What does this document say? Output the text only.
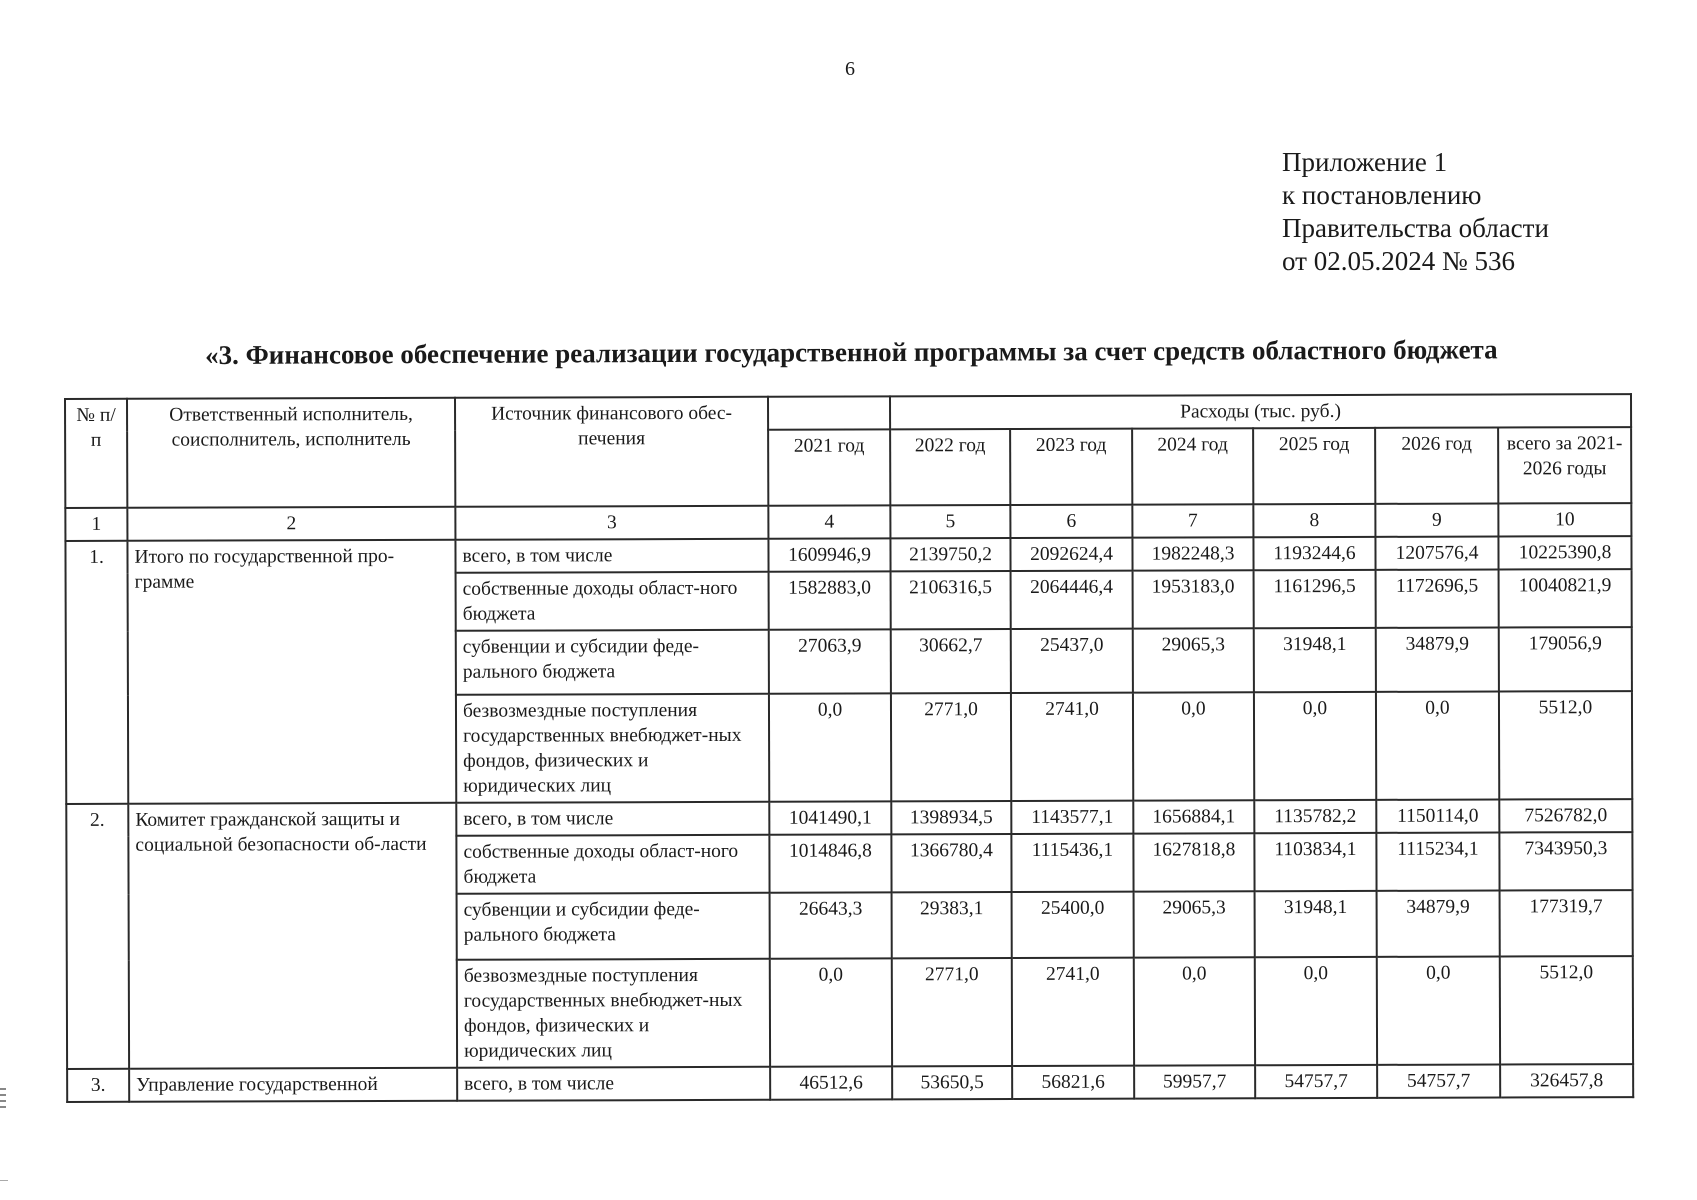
6
Приложение 1
к постановлению
Правительства области
от 02.05.2024 № 536
«3. Финансовое обеспечение реализации государственной программы за счет средств областного бюджета
№ п/п	Ответственный исполнитель, соисполнитель, исполнитель	Источник финансового обес-печения		Расходы (тыс. руб.)					
			2021 год	2022 год	2023 год	2024 год	2025 год	2026 год	всего за 2021-2026 годы
1	2	3	4	5	6	7	8	9	10
1.	Итого по государственной про-грамме	всего, в том числе	1609946,9	2139750,2	2092624,4	1982248,3	1193244,6	1207576,4	10225390,8
		собственные доходы област-ного бюджета	1582883,0	2106316,5	2064446,4	1953183,0	1161296,5	1172696,5	10040821,9
		субвенции и субсидии феде-рального бюджета	27063,9	30662,7	25437,0	29065,3	31948,1	34879,9	179056,9
		безвозмездные поступления государственных внебюджет-ных фондов, физических и юридических лиц	0,0	2771,0	2741,0	0,0	0,0	0,0	5512,0
2.	Комитет гражданской защиты и социальной безопасности об-ласти	всего, в том числе	1041490,1	1398934,5	1143577,1	1656884,1	1135782,2	1150114,0	7526782,0
		собственные доходы област-ного бюджета	1014846,8	1366780,4	1115436,1	1627818,8	1103834,1	1115234,1	7343950,3
		субвенции и субсидии феде-рального бюджета	26643,3	29383,1	25400,0	29065,3	31948,1	34879,9	177319,7
		безвозмездные поступления государственных внебюджет-ных фондов, физических и юридических лиц	0,0	2771,0	2741,0	0,0	0,0	0,0	5512,0
3.	Управление государственной	всего, в том числе	46512,6	53650,5	56821,6	59957,7	54757,7	54757,7	326457,8
